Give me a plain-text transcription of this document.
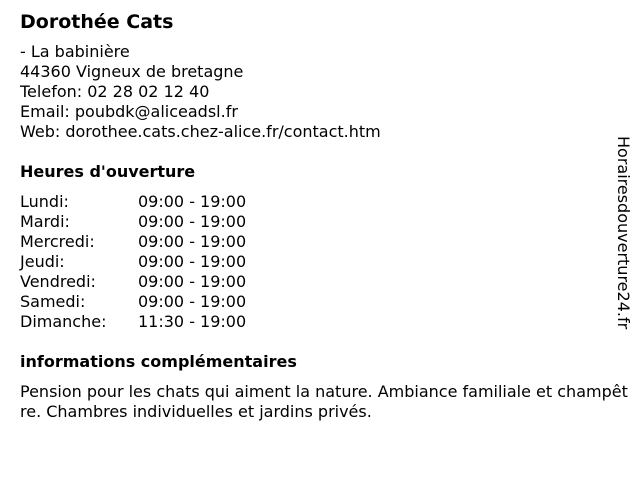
Dorothée Cats
- La babinière
44360 Vigneux de bretagne
Telefon: 02 28 02 12 40
Email: poubdk@aliceadsl.fr
Web: dorothee.cats.chez-alice.fr/contact.htm
Heures d'ouverture
Lundi:	09:00 - 19:00
Mardi:	09:00 - 19:00
Mercredi:	09:00 - 19:00
Jeudi:	09:00 - 19:00
Vendredi:	09:00 - 19:00
Samedi:	09:00 - 19:00
Dimanche:	11:30 - 19:00
informations complémentaires
Pension pour les chats qui aiment la nature. Ambiance familiale et champêtre. Chambres individuelles et jardins privés.
Horairesdouverture24.fr
